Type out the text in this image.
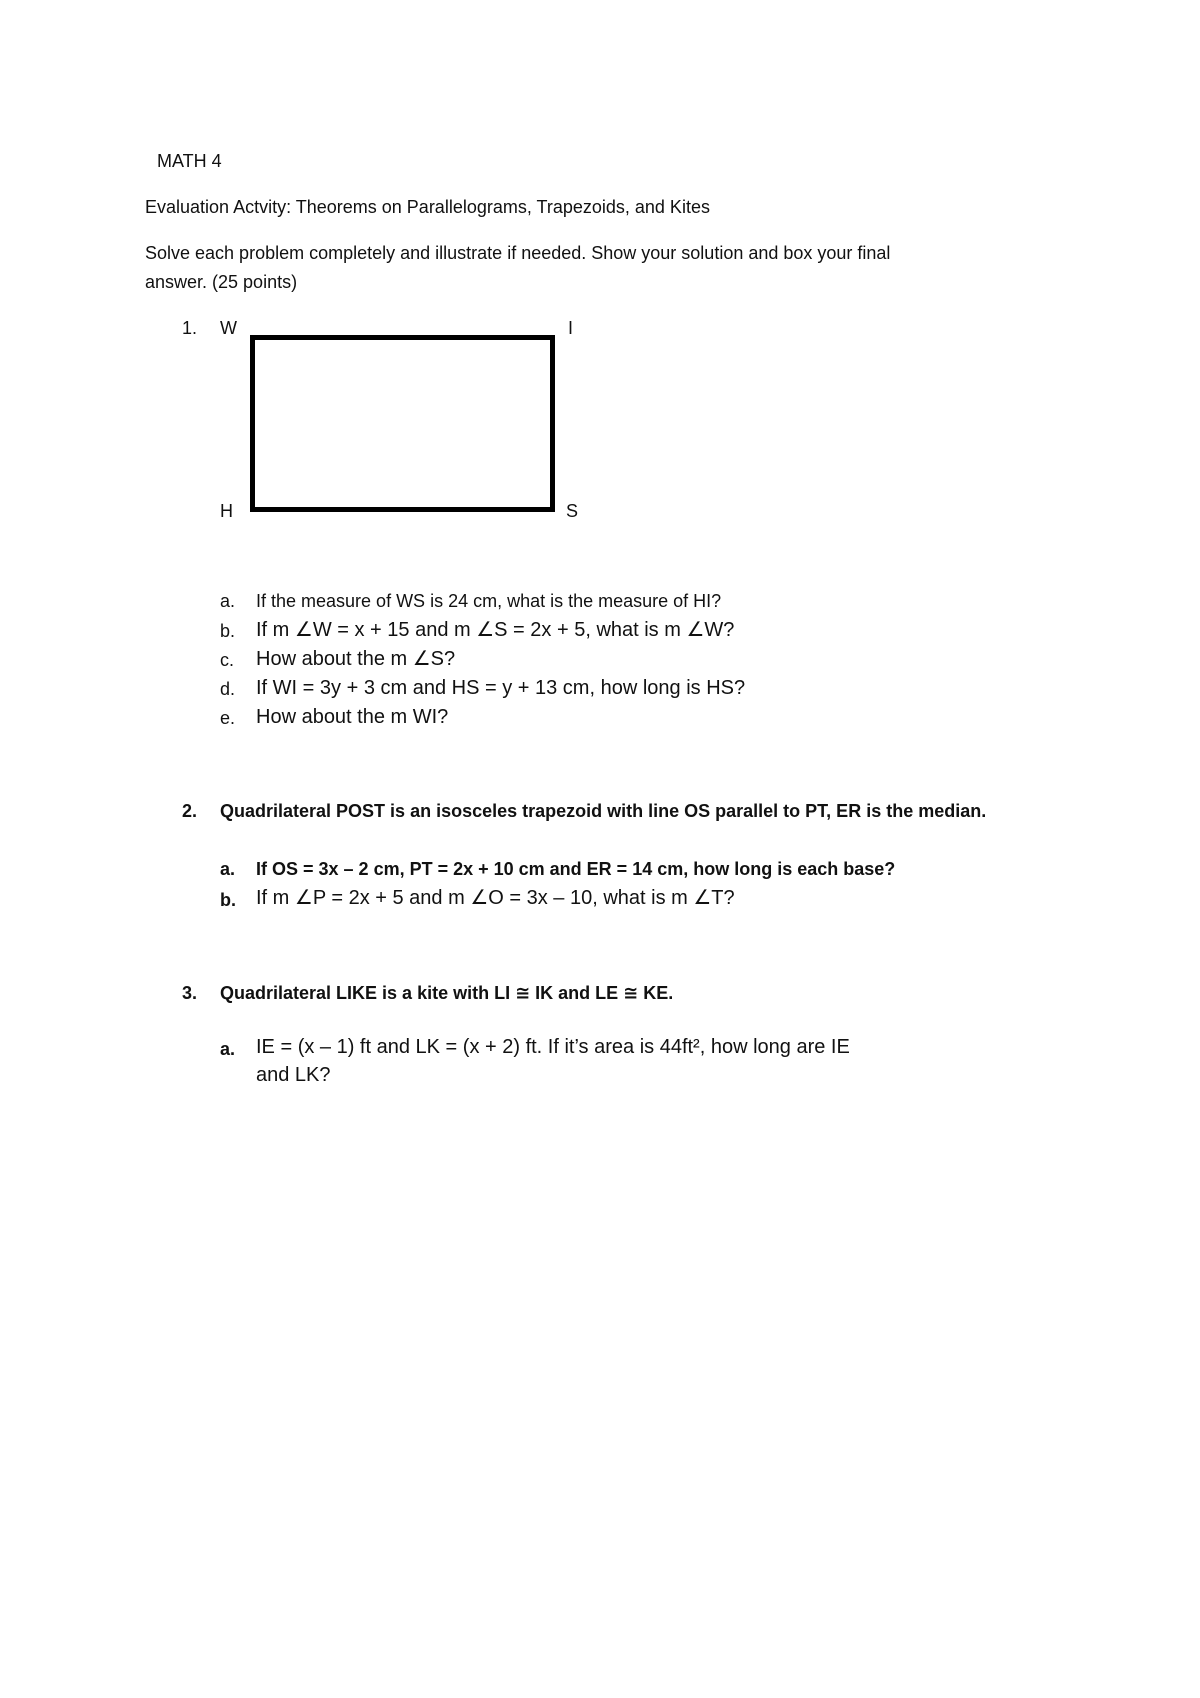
MATH 4
Evaluation Actvity: Theorems on Parallelograms, Trapezoids, and Kites
Solve each problem completely and illustrate if needed. Show your solution and box your final
answer. (25 points)
1. W	I
H	S
a. If the measure of WS is 24 cm, what is the measure of HI?
b. If m ∠W = x + 15 and m ∠S = 2x + 5, what is m ∠W?
c. How about the m ∠S?
d. If WI = 3y + 3 cm and HS = y + 13 cm, how long is HS?
e. How about the m WI?
2. Quadrilateral POST is an isosceles trapezoid with line OS parallel to PT, ER is the median.
a. If OS = 3x – 2 cm, PT = 2x + 10 cm and ER = 14 cm, how long is each base?
b. If m ∠P = 2x + 5 and m ∠O = 3x – 10, what is m ∠T?
3. Quadrilateral LIKE is a kite with LI ≅ IK and LE ≅ KE.
a. IE = (x – 1) ft and LK = (x + 2) ft. If it’s area is 44ft², how long are IE
and LK?
